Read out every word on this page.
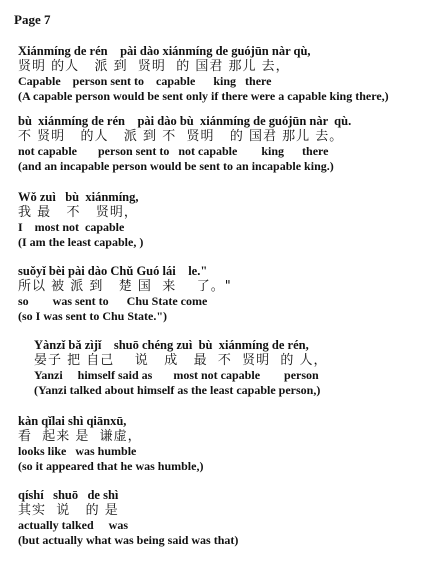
Page 7
Xiánmíng de rén    pài dào xiánmíng de guójūn nàr qù,
贤明 的人   派 到  贤明  的 国君 那儿 去，
Capable    person sent to    capable      king   there
(A capable person would be sent only if there were a capable king there,)
bù  xiánmíng de rén    pài dào bù  xiánmíng de guójūn nàr  qù.
不 贤明   的人   派 到 不  贤明   的 国君 那儿 去。
not capable       person sent to   not capable        king      there
(and an incapable person would be sent to an incapable king.)
Wǒ zuì   bù  xiánmíng,
我 最   不   贤明，
I    most not  capable
(I am the least capable, )
suǒyǐ bèi pài dào Chǔ Guó lái    le."
所以 被 派 到   楚 国  来    了。"
so        was sent to      Chu State come
(so I was sent to Chu State.")
Yànzǐ bǎ zìjǐ    shuō chéng zuì  bù  xiánmíng de rén,
晏子 把 自己    说   成   最  不  贤明  的 人，
Yanzi     himself said as       most not capable        person
(Yanzi talked about himself as the least capable person,)
kàn qǐlai shì qiānxū,
看  起来 是  谦虚，
looks like   was humble
(so it appeared that he was humble,)
qíshí   shuō   de shì
其实  说   的 是
actually talked     was
(but actually what was being said was that)
